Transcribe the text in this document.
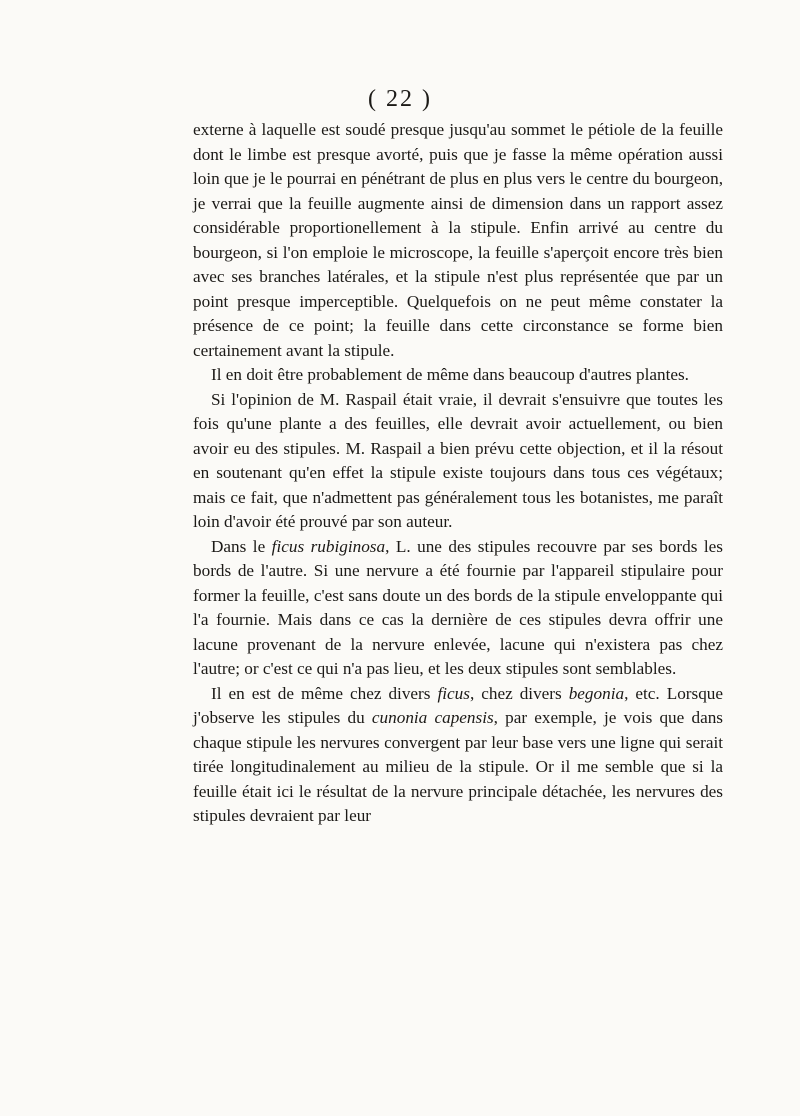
( 22 )

externe à laquelle est soudé presque jusqu'au sommet le pétiole de la feuille dont le limbe est presque avorté, puis que je fasse la même opération aussi loin que je le pourrai en pénétrant de plus en plus vers le centre du bourgeon, je verrai que la feuille augmente ainsi de dimension dans un rapport assez considérable proportionellement à la stipule. Enfin arrivé au centre du bourgeon, si l'on emploie le microscope, la feuille s'aperçoit encore très bien avec ses branches latérales, et la stipule n'est plus représentée que par un point presque imperceptible. Quelquefois on ne peut même constater la présence de ce point; la feuille dans cette circonstance se forme bien certainement avant la stipule.

Il en doit être probablement de même dans beaucoup d'autres plantes.

Si l'opinion de M. Raspail était vraie, il devrait s'ensuivre que toutes les fois qu'une plante a des feuilles, elle devrait avoir actuellement, ou bien avoir eu des stipules. M. Raspail a bien prévu cette objection, et il la résout en soutenant qu'en effet la stipule existe toujours dans tous ces végétaux; mais ce fait, que n'admettent pas généralement tous les botanistes, me paraît loin d'avoir été prouvé par son auteur.

Dans le ficus rubiginosa, L. une des stipules recouvre par ses bords les bords de l'autre. Si une nervure a été fournie par l'appareil stipulaire pour former la feuille, c'est sans doute un des bords de la stipule enveloppante qui l'a fournie. Mais dans ce cas la dernière de ces stipules devra offrir une lacune provenant de la nervure enlevée, lacune qui n'existera pas chez l'autre; or c'est ce qui n'a pas lieu, et les deux stipules sont semblables.

Il en est de même chez divers ficus, chez divers begonia, etc. Lorsque j'observe les stipules du cunonia capensis, par exemple, je vois que dans chaque stipule les nervures convergent par leur base vers une ligne qui serait tirée longitudinalement au milieu de la stipule. Or il me semble que si la feuille était ici le résultat de la nervure principale détachée, les nervures des stipules devraient par leur
